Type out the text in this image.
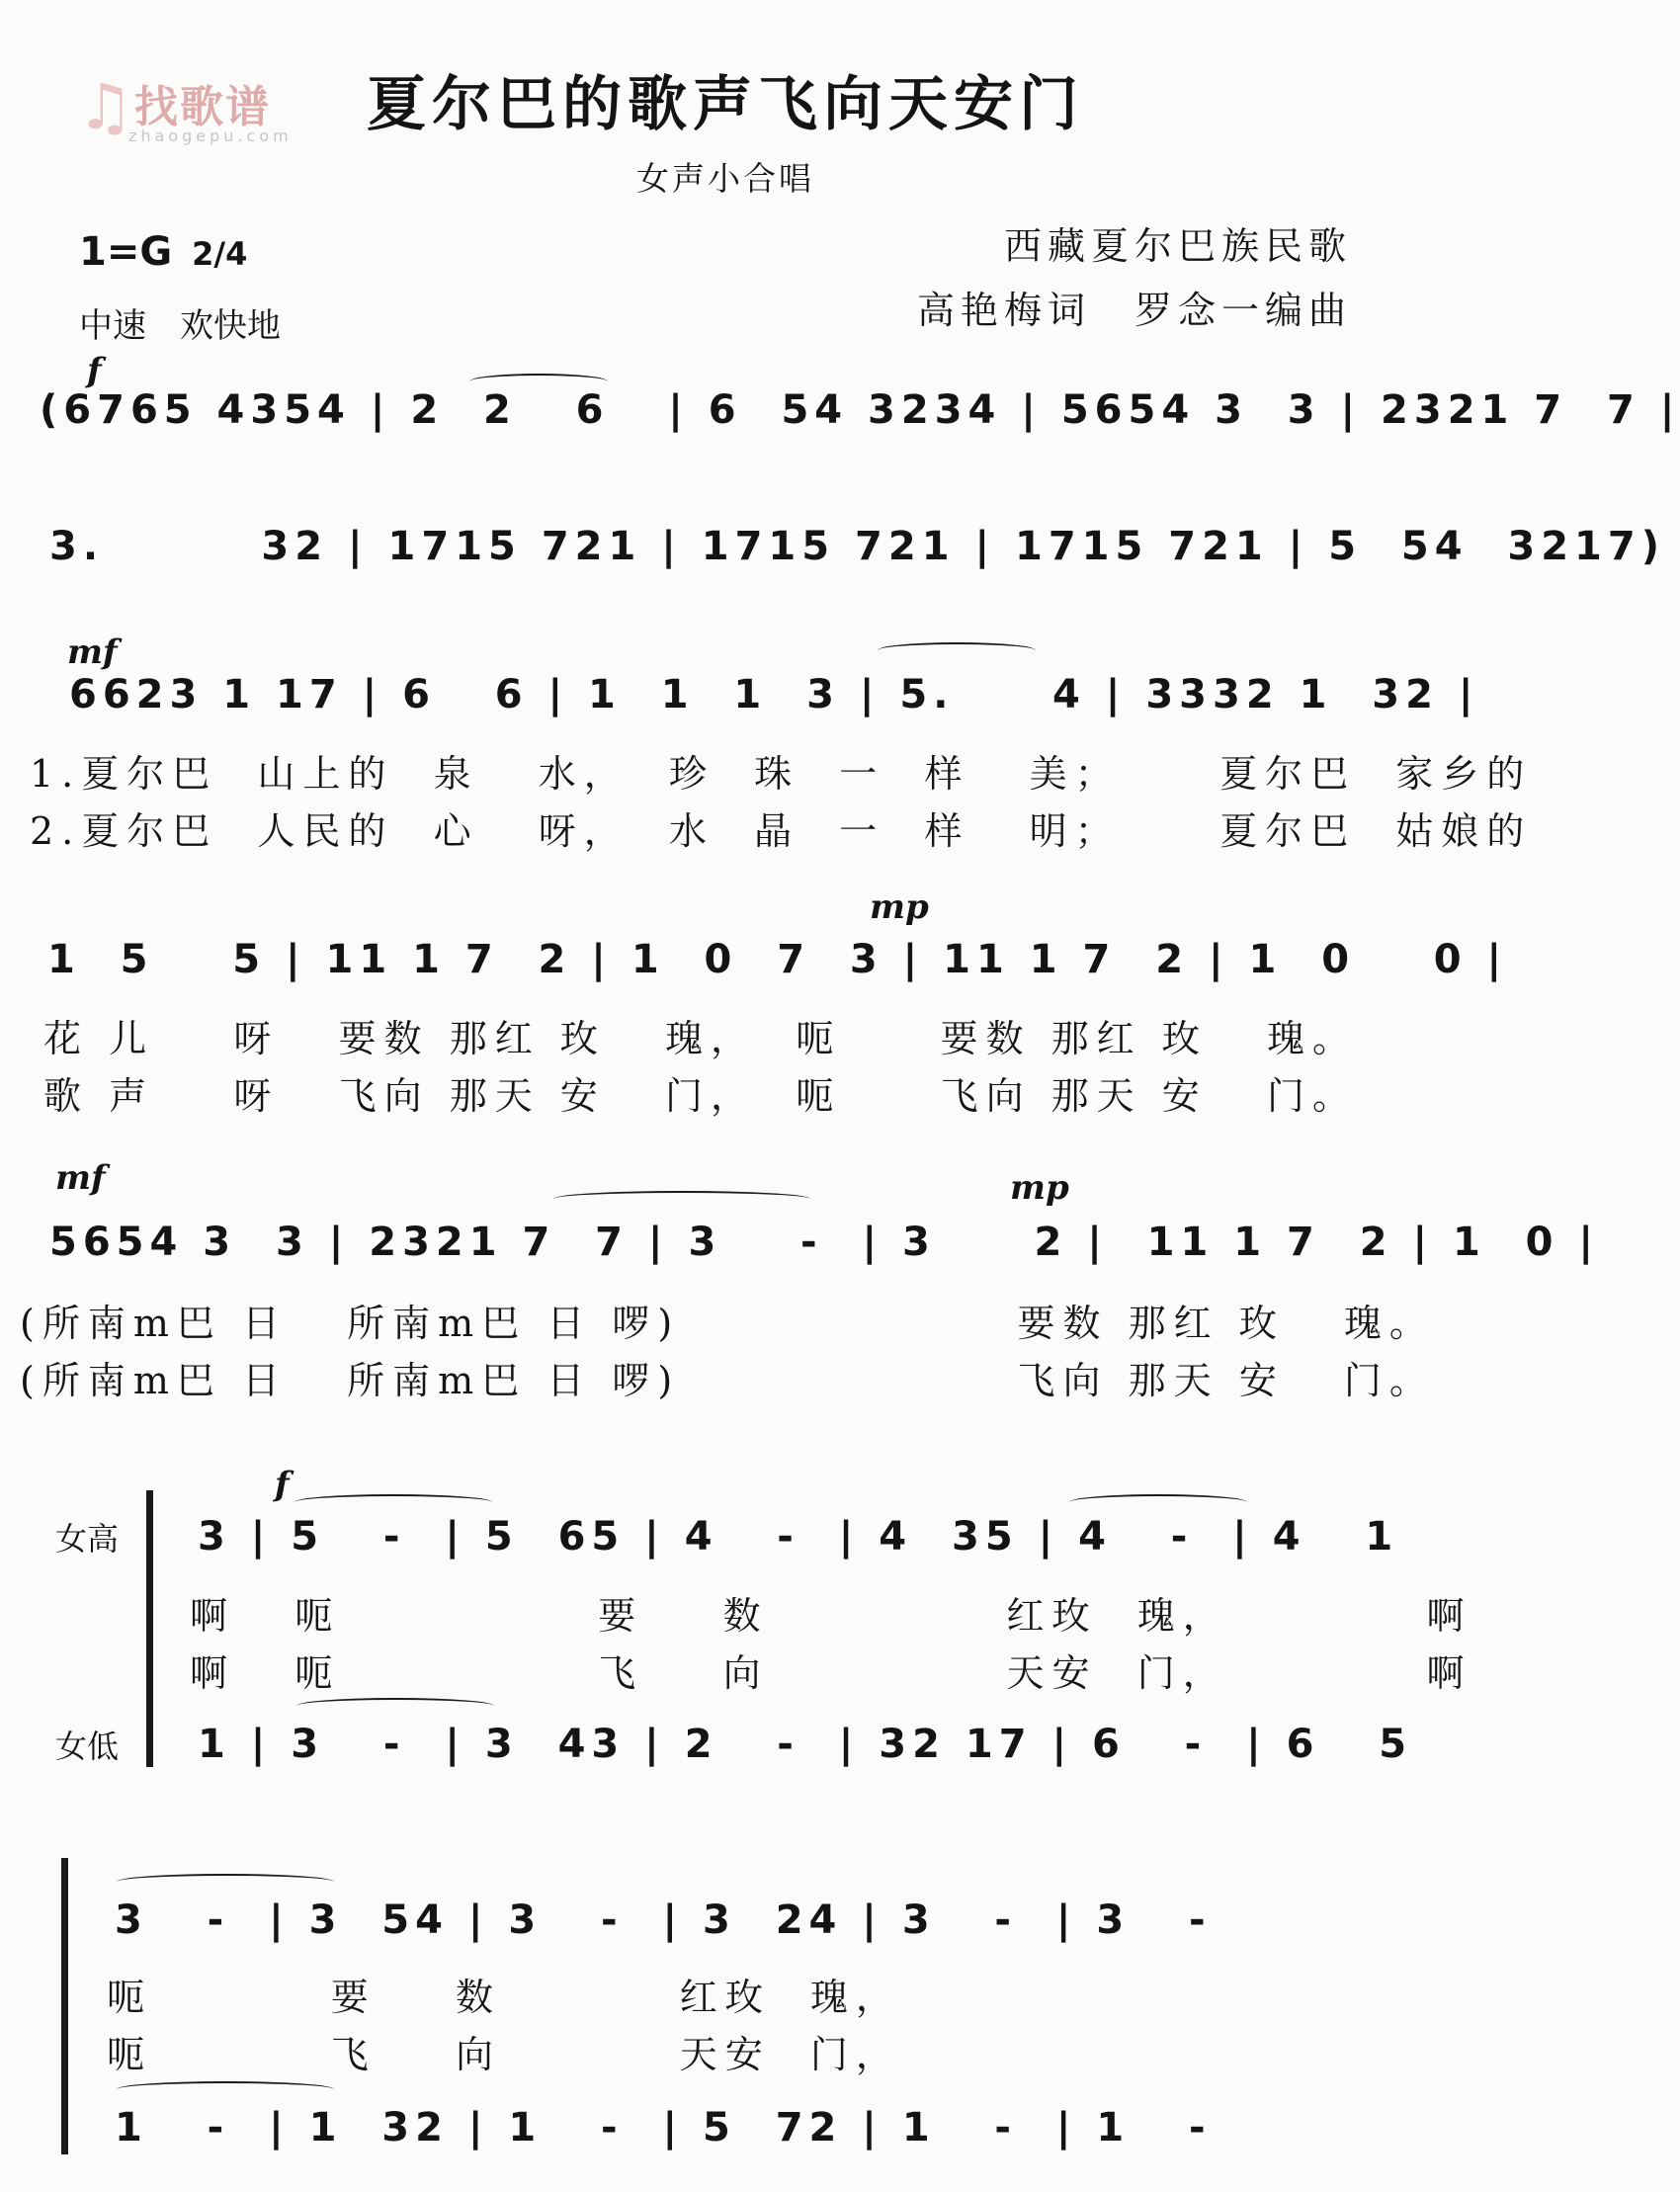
♫ 找歌谱
zhaogepu.com	夏尔巴的歌声飞向天安门
女声小合唱
1=G 2/4
中速　欢快地
西藏夏尔巴族民歌
高艳梅词　罗念一编曲
f
(6765 4354 | 2  2   6   | 6  54 3234 | 5654 3  3 | 2321 7  7 |
3.        32 | 1715 721 | 1715 721 | 1715 721 | 5  54  3217)
mf
6623 1 17 | 6   6 | 1  1  1  3 | 5.     4 | 3332 1  32 |
1.夏尔巴  山上的  泉   水，  珍  珠  一  样   美；     夏尔巴  家乡的
2.夏尔巴  人民的  心   呀，  水  晶  一  样   明；     夏尔巴  姑娘的
mp
1  5    5 | 11 1 7  2 | 1  0  7  3 | 11 1 7  2 | 1  0    0 |
花 儿    呀   要数 那红 玫   瑰，  呃     要数 那红 玫   瑰。
歌 声    呀   飞向 那天 安   门，  呃     飞向 那天 安   门。
mf	mp
5654 3  3 | 2321 7  7 | 3    -  | 3     2 |  11 1 7  2 | 1  0 |
(所南m巴 日   所南m巴 日 啰)                 要数 那红 玫   瑰。
(所南m巴 日   所南m巴 日 啰)                 飞向 那天 安   门。
女高
女低
f
3 | 5   -  | 5  65 | 4   -  | 4  35 | 4   -  | 4   1
啊   呃             要    数            红玫  瑰，          啊
啊   呃             飞    向            天安  门，          啊
1 | 3   -  | 3  43 | 2   -  | 32 17 | 6   -  | 6   5
3   -  | 3  54 | 3   -  | 3  24 | 3   -  | 3   -
呃         要    数         红玫  瑰，
呃         飞    向         天安  门，
1   -  | 1  32 | 1   -  | 5  72 | 1   -  | 1   -
